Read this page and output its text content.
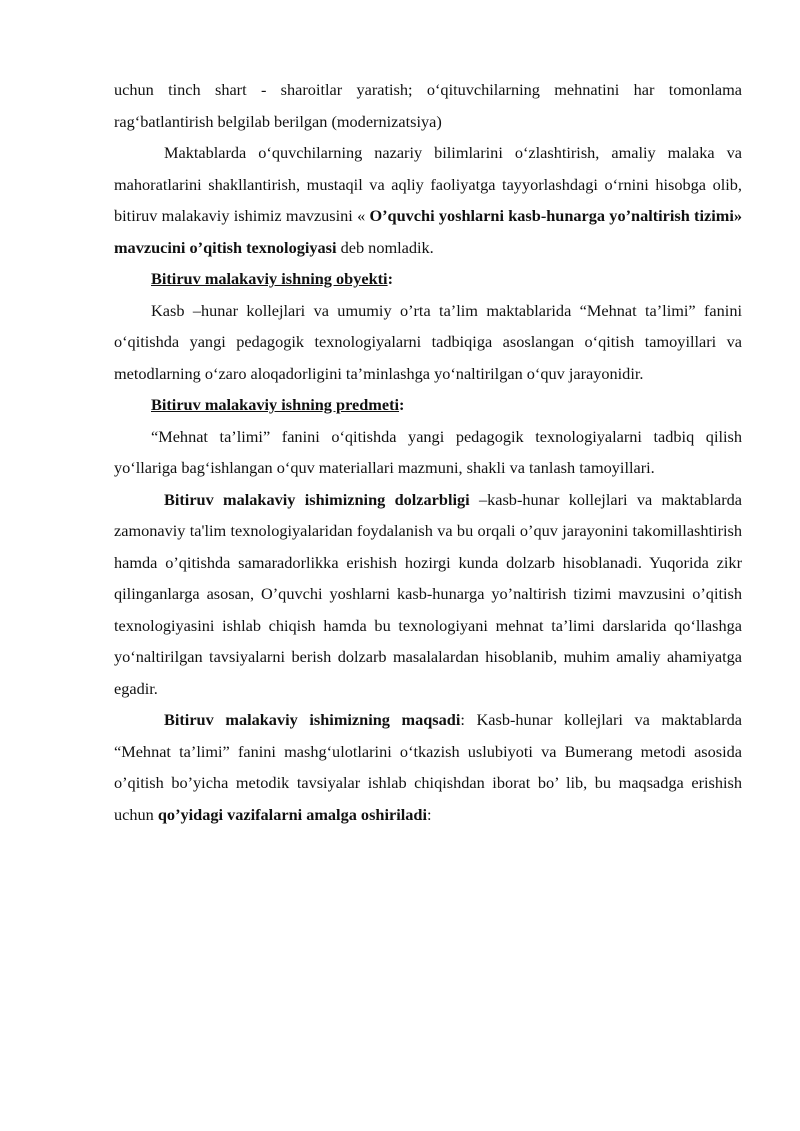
uchun tinch shart - sharoitlar yaratish; o‘qituvchilarning mehnatini har tomonlama rag‘batlantirish belgilab berilgan (modernizatsiya)

Maktablarda o‘quvchilarning nazariy bilimlarini o‘zlashtirish, amaliy malaka va mahoratlarini shakllantirish, mustaqil va aqliy faoliyatga tayyorlashdagi o‘rnini hisobga olib, bitiruv malakaviy ishimiz mavzusini « O’quvchi yoshlarni kasb-hunarga yo’naltirish tizimi» mavzucini o’qitish texnologiyasi deb nomladik.

Bitiruv malakaviy ishning obyekti:

Kasb –hunar kollejlari va umumiy o’rta ta’lim maktablarida “Mehnat ta’limi” fanini o‘qitishda yangi pedagogik texnologiyalarni tadbiqiga asoslangan o‘qitish tamoyillari va metodlarning o‘zaro aloqadorligini ta’minlashga yo‘naltirilgan o‘quv jarayonidir.

Bitiruv malakaviy ishning predmeti:

“Mehnat ta’limi” fanini o‘qitishda yangi pedagogik texnologiyalarni tadbiq qilish yo‘llariga bag‘ishlangan o‘quv materiallari mazmuni, shakli va tanlash tamoyillari.

Bitiruv malakaviy ishimizning dolzarbligi –kasb-hunar kollejlari va maktablarda zamonaviy ta'lim texnologiyalaridan foydalanish va bu orqali o’quv jarayonini takomillashtirish hamda o’qitishda samaradorlikka erishish hozirgi kunda dolzarb hisoblanadi. Yuqorida zikr qilinganlarga asosan, O’quvchi yoshlarni kasb-hunarga yo’naltirish tizimi mavzusini o’qitish texnologiyasini ishlab chiqish hamda bu texnologiyani mehnat ta’limi darslarida qo‘llashga yo‘naltirilgan tavsiyalarni berish dolzarb masalalardan hisoblanib, muhim amaliy ahamiyatga egadir.

Bitiruv malakaviy ishimizning maqsadi: Kasb-hunar kollejlari va maktablarda “Mehnat ta’limi” fanini mashg‘ulotlarini o‘tkazish uslubiyoti va Bumerang metodi asosida o’qitish bo’yicha metodik tavsiyalar ishlab chiqishdan iborat bo’ lib, bu maqsadga erishish uchun qo’yidagi vazifalarni amalga oshiriladi:
